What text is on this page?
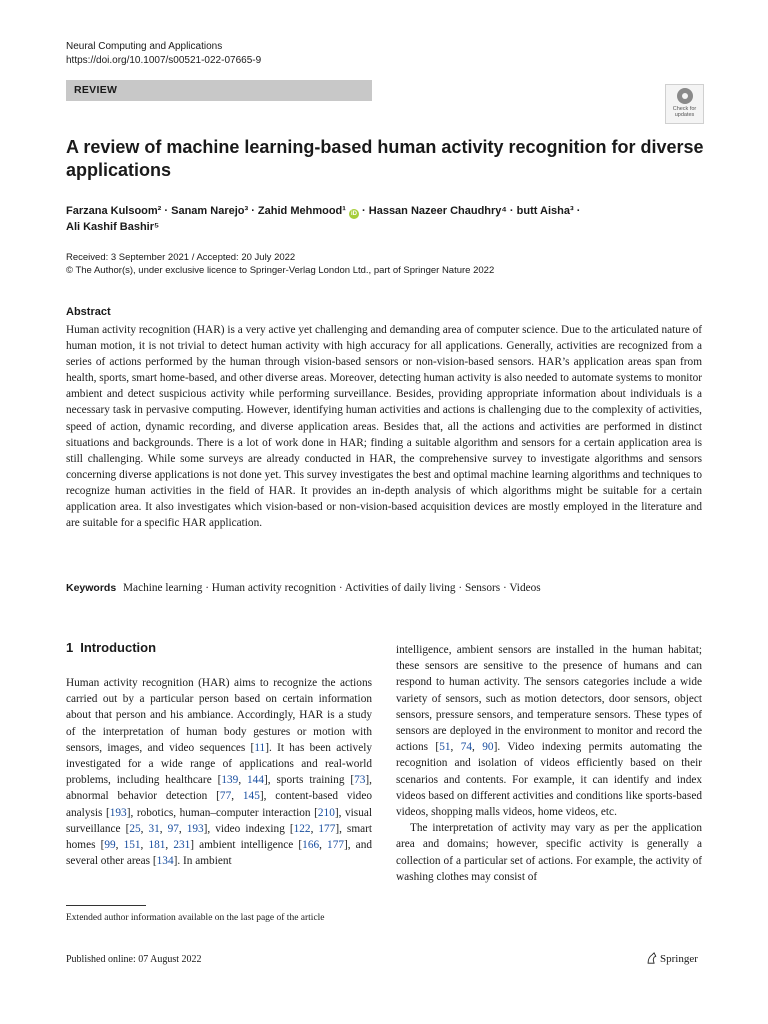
Neural Computing and Applications
https://doi.org/10.1007/s00521-022-07665-9
REVIEW
Check for updates
A review of machine learning-based human activity recognition for diverse applications
Farzana Kulsoom² · Sanam Narejo³ · Zahid Mehmood¹ iD · Hassan Nazeer Chaudhry⁴ · butt Aisha³ ·
Ali Kashif Bashir⁵
Received: 3 September 2021 / Accepted: 20 July 2022
© The Author(s), under exclusive licence to Springer-Verlag London Ltd., part of Springer Nature 2022
Abstract

Human activity recognition (HAR) is a very active yet challenging and demanding area of computer science. Due to the articulated nature of human motion, it is not trivial to detect human activity with high accuracy for all applications. Generally, activities are recognized from a series of actions performed by the human through vision-based sensors or non-vision-based sensors. HAR’s application areas span from health, sports, smart home-based, and other diverse areas. Moreover, detecting human activity is also needed to automate systems to monitor ambient and detect suspicious activity while performing surveillance. Besides, providing appropriate information about individuals is a necessary task in pervasive computing. However, identifying human activities and actions is challenging due to the complexity of activities, speed of action, dynamic recording, and diverse application areas. Besides that, all the actions and activities are performed in distinct situations and backgrounds. There is a lot of work done in HAR; finding a suitable algorithm and sensors for a certain application area is still challenging. While some surveys are already conducted in HAR, the comprehensive survey to investigate algorithms and sensors concerning diverse applications is not done yet. This survey investigates the best and optimal machine learning algorithms and techniques to recognize human activities in the field of HAR. It provides an in-depth analysis of which algorithms might be suitable for a certain application area. It also investigates which vision-based or non-vision-based acquisition devices are mostly employed in the literature and are suitable for a specific HAR application.

Keywords Machine learning · Human activity recognition · Activities of daily living · Sensors · Videos
1 Introduction

Human activity recognition (HAR) aims to recognize the actions carried out by a particular person based on certain information about that person and his ambiance. Accordingly, HAR is a study of the interpretation of human body gestures or motion with sensors, images, and video sequences [11]. It has been actively investigated for a wide range of applications and real-world problems, including healthcare [139, 144], sports training [73], abnormal behavior detection [77, 145], content-based video analysis [193], robotics, human–computer interaction [210], visual surveillance [25, 31, 97, 193], video indexing [122, 177], smart homes [99, 151, 181, 231] ambient intelligence [166, 177], and several other areas [134]. In ambient

intelligence, ambient sensors are installed in the human habitat; these sensors are sensitive to the presence of humans and can respond to human activity. The sensors categories include a wide variety of sensors, such as motion detectors, door sensors, object sensors, pressure sensors, and temperature sensors. These types of sensors are deployed in the environment to monitor and record the actions [51, 74, 90]. Video indexing permits automating the recognition and isolation of videos efficiently based on their scenarios and contents. For example, it can identify and index videos based on different activities and conditions like sports-based videos, shopping malls videos, home videos, etc.

The interpretation of activity may vary as per the application area and domains; however, specific activity is generally a collection of a particular set of actions. For example, the activity of washing clothes may consist of

Extended author information available on the last page of the article
Published online: 07 August 2022	Springer
